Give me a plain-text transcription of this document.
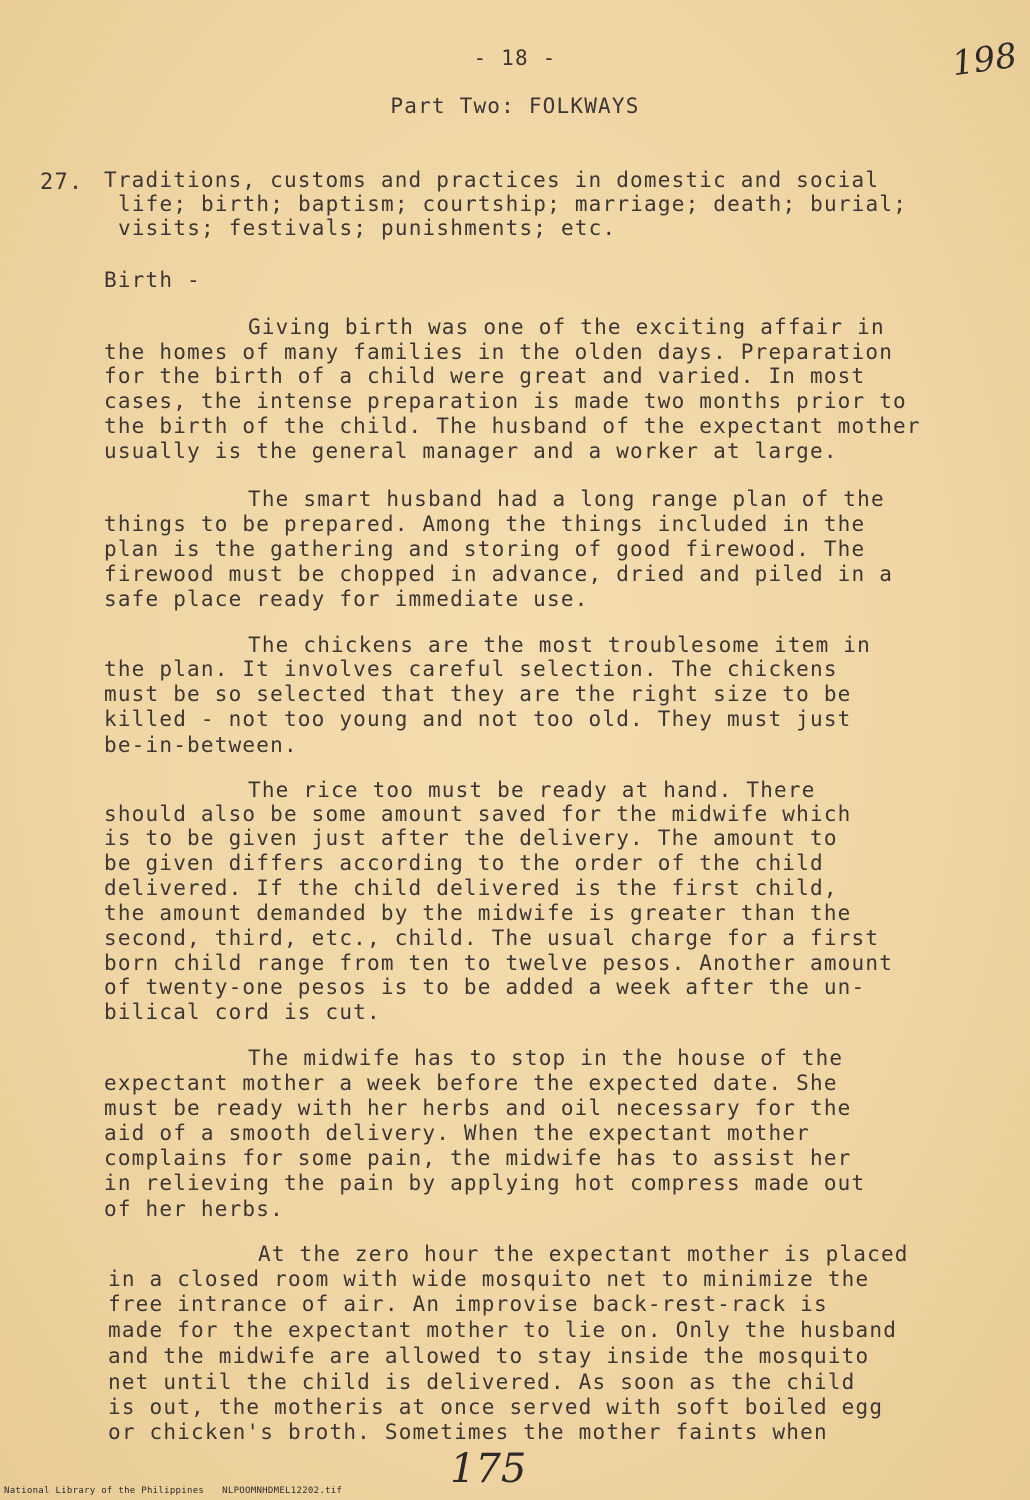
- 18 -	198
Part Two: FOLKWAYS
27. Traditions, customs and practices in domestic and social
life; birth; baptism; courtship; marriage; death; burial;
visits; festivals; punishments; etc.
Birth -
Giving birth was one of the exciting affair in
the homes of many families in the olden days. Preparation
for the birth of a child were great and varied. In most
cases, the intense preparation is made two months prior to
the birth of the child. The husband of the expectant mother
usually is the general manager and a worker at large.
The smart husband had a long range plan of the
things to be prepared. Among the things included in the
plan is the gathering and storing of good firewood. The
firewood must be chopped in advance, dried and piled in a
safe place ready for immediate use.
The chickens are the most troublesome item in
the plan. It involves careful selection. The chickens
must be so selected that they are the right size to be
killed - not too young and not too old. They must just
be-in-between.
The rice too must be ready at hand. There
should also be some amount saved for the midwife which
is to be given just after the delivery. The amount to
be given differs according to the order of the child
delivered. If the child delivered is the first child,
the amount demanded by the midwife is greater than the
second, third, etc., child. The usual charge for a first
born child range from ten to twelve pesos. Another amount
of twenty-one pesos is to be added a week after the un-
bilical cord is cut.
The midwife has to stop in the house of the
expectant mother a week before the expected date. She
must be ready with her herbs and oil necessary for the
aid of a smooth delivery. When the expectant mother
complains for some pain, the midwife has to assist her
in relieving the pain by applying hot compress made out
of her herbs.
At the zero hour the expectant mother is placed
in a closed room with wide mosquito net to minimize the
free intrance of air. An improvise back-rest-rack is
made for the expectant mother to lie on. Only the husband
and the midwife are allowed to stay inside the mosquito
net until the child is delivered. As soon as the child
is out, the motheris at once served with soft boiled egg
or chicken's broth. Sometimes the mother faints when
175
National Library of the Philippines NLPOOMNHDMEL12202.tif
